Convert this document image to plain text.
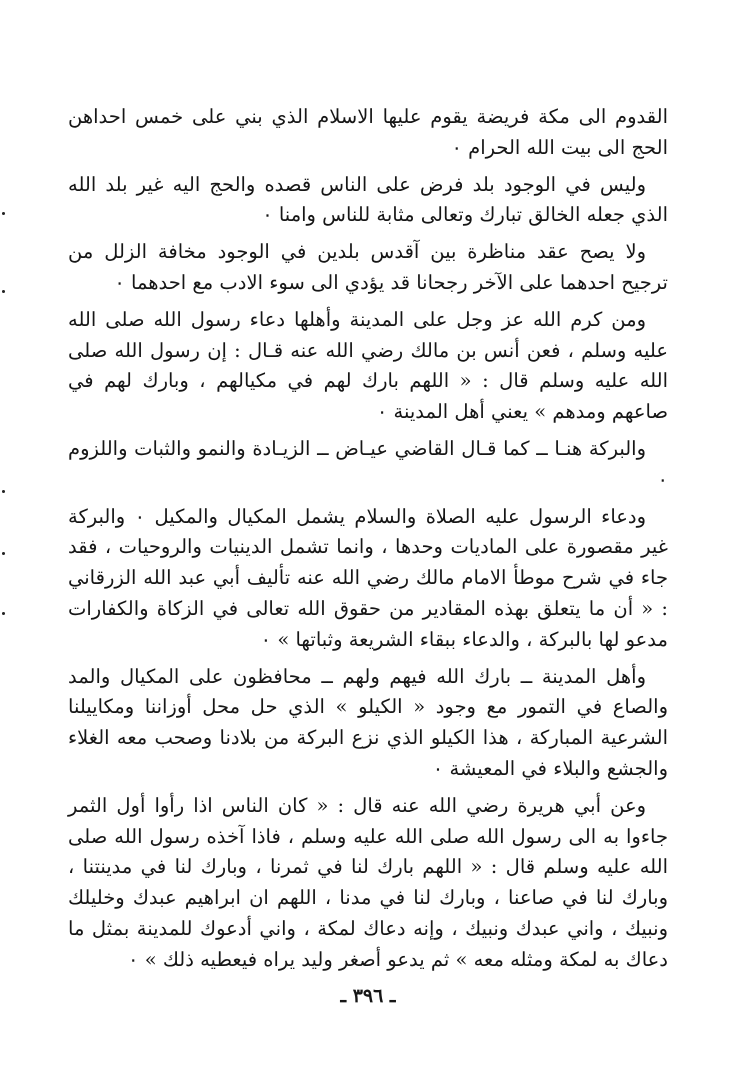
القدوم الى مكة فريضة يقوم عليها الاسلام الذي بني على خمس احداهن الحج الى بيت الله الحرام ٠

وليس في الوجود بلد فرض على الناس قصده والحج اليه غير بلد الله الذي جعله الخالق تبارك وتعالى مثابة للناس وامنا ٠

ولا يصح عقد مناظرة بين آقدس بلدين في الوجود مخافة الزلل من ترجيح احدهما على الآخر رجحانا قد يؤدي الى سوء الادب مع احدهما ٠

ومن كرم الله عز وجل على المدينة وأهلها دعاء رسول الله صلى الله عليه وسلم ، فعن أنس بن مالك رضي الله عنه قـال : إن رسول الله صلى الله عليه وسلم قال : « اللهم بارك لهم في مكيالهم ، وبارك لهم في صاعهم ومدهم » يعني أهل المدينة ٠

والبركة هنـا ــ كما قـال القاضي عيـاض ــ الزيـادة والنمو والثبات واللزوم ٠

ودعاء الرسول عليه الصلاة والسلام يشمل المكيال والمكيل ٠ والبركة غير مقصورة على الماديات وحدها ، وانما تشمل الدينيات والروحيات ، فقد جاء في شرح موطأ الامام مالك رضي الله عنه تأليف أبي عبد الله الزرقاني : « أن ما يتعلق بهذه المقادير من حقوق الله تعالى في الزكاة والكفارات مدعو لها بالبركة ، والدعاء ببقاء الشريعة وثباتها » ٠

وأهل المدينة ــ بارك الله فيهم ولهم ــ محافظون على المكيال والمد والصاع في التمور مع وجود « الكيلو » الذي حل محل أوزاننا ومكاييلنا الشرعية المباركة ، هذا الكيلو الذي نزع البركة من بلادنا وصحب معه الغلاء والجشع والبلاء في المعيشة ٠

وعن أبي هريرة رضي الله عنه قال : « كان الناس اذا رأوا أول الثمر جاءوا به الى رسول الله صلى الله عليه وسلم ، فاذا آخذه رسول الله صلى الله عليه وسلم قال : « اللهم بارك لنا في ثمرنا ، وبارك لنا في مدينتنا ، وبارك لنا في صاعنا ، وبارك لنا في مدنا ، اللهم ان ابراهيم عبدك وخليلك ونبيك ، واني عبدك ونبيك ، وإنه دعاك لمكة ، واني أدعوك للمدينة بمثل ما دعاك به لمكة ومثله معه » ثم يدعو أصغر وليد يراه فيعطيه ذلك » ٠

ـ ٣٩٦ ـ
